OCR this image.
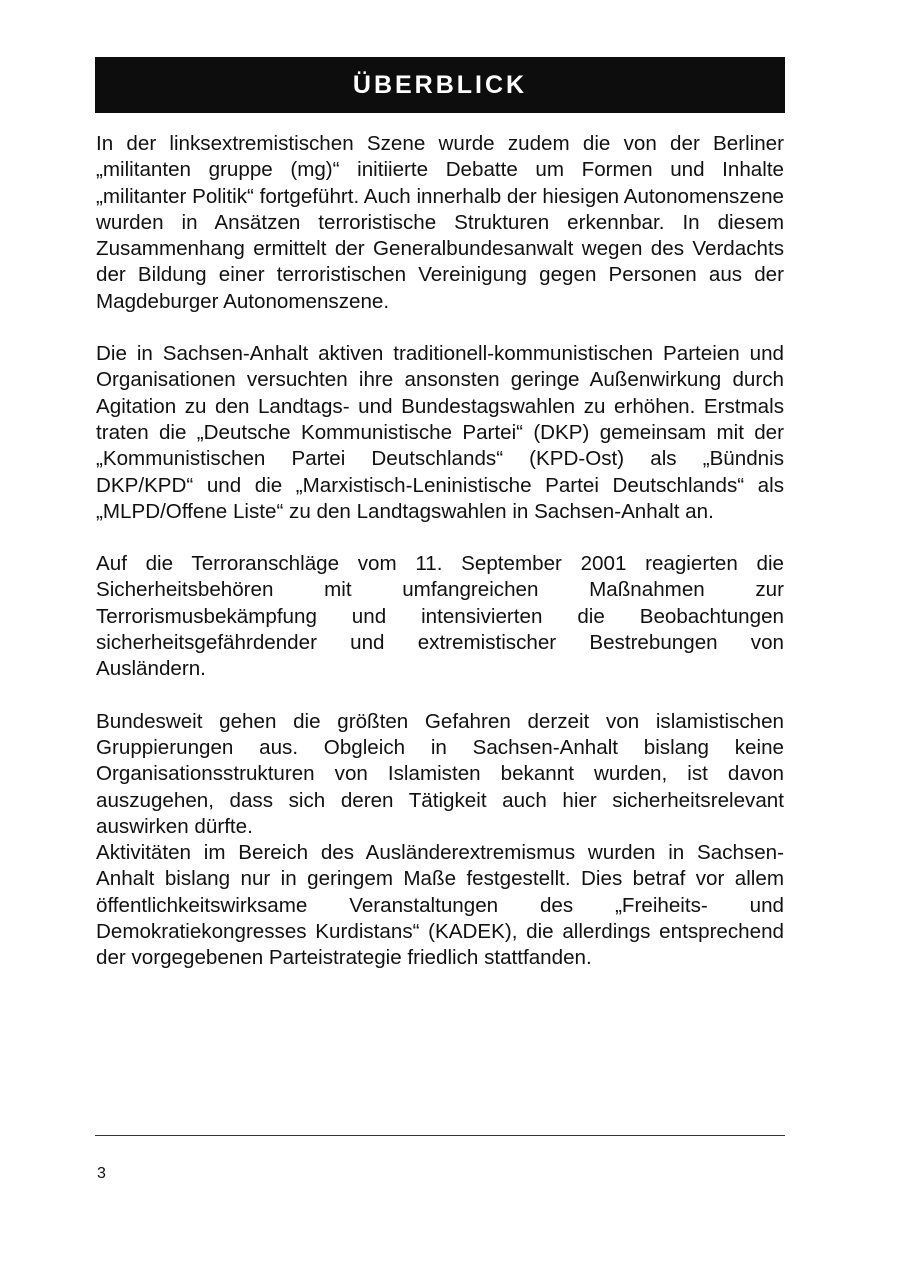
ÜBERBLICK

In der linksextremistischen Szene wurde zudem die von der Berliner „militanten gruppe (mg)“ initiierte Debatte um Formen und Inhalte „militanter Politik“ fortgeführt. Auch innerhalb der hiesigen Autonomenszene wurden in Ansätzen terroristische Strukturen erkennbar. In diesem Zusammenhang ermittelt der Generalbundesanwalt wegen des Verdachts der Bildung einer terroristischen Vereinigung gegen Personen aus der Magdeburger Autonomenszene.

Die in Sachsen-Anhalt aktiven traditionell-kommunistischen Parteien und Organisationen versuchten ihre ansonsten geringe Außenwirkung durch Agitation zu den Landtags- und Bundestagswahlen zu erhöhen. Erstmals traten die „Deutsche Kommunistische Partei“ (DKP) gemeinsam mit der „Kommunistischen Partei Deutschlands“ (KPD-Ost) als „Bündnis DKP/KPD“ und die „Marxistisch-Leninistische Partei Deutschlands“ als „MLPD/Offene Liste“ zu den Landtagswahlen in Sachsen-Anhalt an.

Auf die Terroranschläge vom 11. September 2001 reagierten die Sicherheitsbehören mit umfangreichen Maßnahmen zur Terrorismusbekämpfung und intensivierten die Beobachtungen sicherheitsgefährdender und extremistischer Bestrebungen von Ausländern.

Bundesweit gehen die größten Gefahren derzeit von islamistischen Gruppierungen aus. Obgleich in Sachsen-Anhalt bislang keine Organisationsstrukturen von Islamisten bekannt wurden, ist davon auszugehen, dass sich deren Tätigkeit auch hier sicherheitsrelevant auswirken dürfte.

Aktivitäten im Bereich des Ausländerextremismus wurden in Sachsen-Anhalt bislang nur in geringem Maße festgestellt. Dies betraf vor allem öffentlichkeitswirksame Veranstaltungen des „Freiheits- und Demokratiekongresses Kurdistans“ (KADEK), die allerdings entsprechend der vorgegebenen Parteistrategie friedlich stattfanden.

3
